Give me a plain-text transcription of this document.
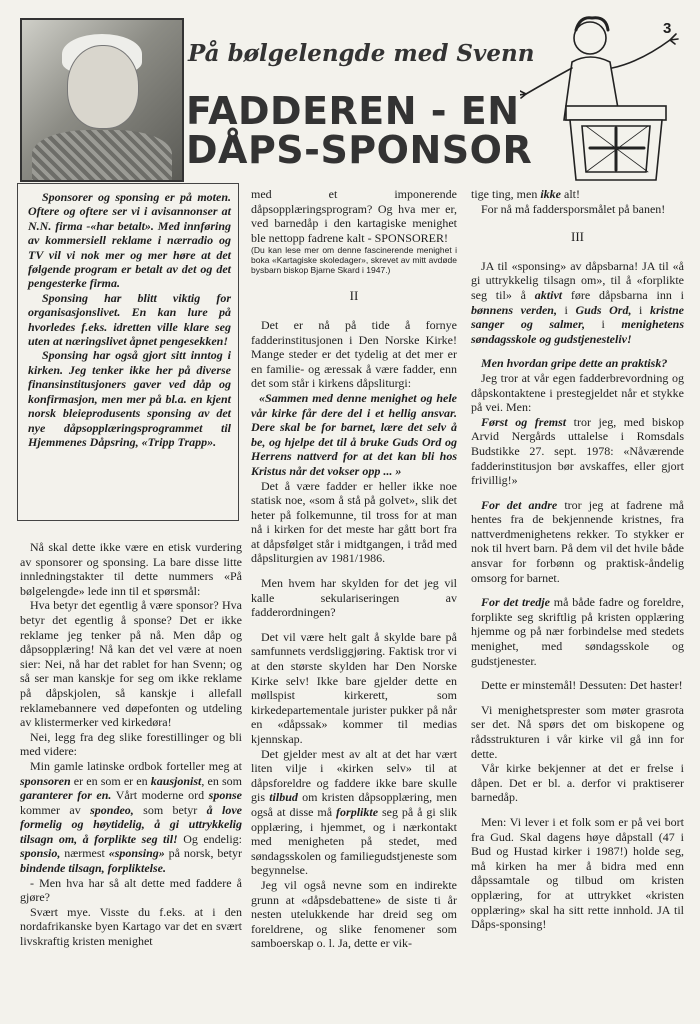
På bølgelengde med Svenn
FADDEREN - EN
DÅPS-SPONSOR
3

Sponsorer og sponsing er på moten. Oftere og oftere ser vi i avisannonser at N.N. firma -«har betalt». Med innføring av kommersiell reklame i nærradio og TV vil vi nok mer og mer høre at det følgende program er betalt av det og det pengesterke firma.

Sponsing har blitt viktig for organisasjonslivet. En kan lure på hvorledes f.eks. idretten ville klare seg uten at næringslivet åpnet pengesekken!

Sponsing har også gjort sitt inntog i kirken. Jeg tenker ikke her på diverse finansinstitusjoners gaver ved dåp og konfirmasjon, men mer på bl.a. en kjent norsk bleieprodusents sponsing av det nye dåpsopplæringsprogrammet til Hjemmenes Dåpsring, «Tripp Trapp».

Nå skal dette ikke være en etisk vurdering av sponsorer og sponsing. La bare disse litte innledningstakter til dette nummers «På bølgelengde» lede inn til et spørsmål:

Hva betyr det egentlig å være sponsor? Hva betyr det egentlig å sponse? Det er ikke reklame jeg tenker på nå. Men dåp og dåpsopplæring! Nå kan det vel være at noen sier: Nei, nå har det rablet for han Svenn; og så ser man kanskje for seg om ikke reklame på dåpskjolen, så kanskje i allefall reklamebannere ved døpefonten og utdeling av klistermerker ved kirkedøra!

Nei, legg fra deg slike forestillinger og bli med videre:

Min gamle latinske ordbok forteller meg at sponsoren er en som er en kausjonist, en som garanterer for en. Vårt moderne ord sponse kommer av spondeo, som betyr å love formelig og høytidelig, å gi uttrykkelig tilsagn om, å forplikte seg til! Og endelig: sponsio, nærmest «sponsing» på norsk, betyr bindende tilsagn, forpliktelse.

- Men hva har så alt dette med faddere å gjøre?

Svært mye. Visste du f.eks. at i den nordafrikanske byen Kartago var det en svært livskraftig kristen menighet

med et imponerende dåpsopplæringsprogram? Og hva mer er, ved barnedåp i den kartagiske menighet ble nettopp fadrene kalt - SPONSORER!

(Du kan lese mer om denne fascinerende menighet i boka «Kartagiske skoledager», skrevet av mitt avdøde bysbarn biskop Bjarne Skard i 1947.)

II

Det er nå på tide å fornye fadderinstitusjonen i Den Norske Kirke! Mange steder er det tydelig at det mer er en familie- og æressak å være fadder, enn det som står i kirkens dåpsliturgi:

«Sammen med denne menighet og hele vår kirke får dere del i et hellig ansvar. Dere skal be for barnet, lære det selv å be, og hjelpe det til å bruke Guds Ord og Herrens nattverd for at det kan bli hos Kristus når det vokser opp ... »

Det å være fadder er heller ikke noe statisk noe, «som å stå på golvet», slik det heter på folkemunne, til tross for at man nå i kirken for det meste har gått bort fra at dåpsfølget står i midtgangen, i tråd med dåpsliturgien av 1981/1986.

Men hvem har skylden for det jeg vil kalle sekulariseringen av fadderordningen?

Det vil være helt galt å skylde bare på samfunnets verdsliggjøring. Faktisk tror vi at den største skylden har Den Norske Kirke selv! Ikke bare gjelder dette en møllspist kirkerett, som kirkedepartementale jurister pukker på når en «dåpssak» kommer til medias kjennskap.

Det gjelder mest av alt at det har vært liten vilje i «kirken selv» til at dåpsforeldre og faddere ikke bare skulle gis tilbud om kristen dåpsopplæring, men også at disse må forplikte seg på å gi slik opplæring, i hjemmet, og i nærkontakt med menigheten på stedet, med søndagsskolen og familiegudstjeneste som begynnelse.

Jeg vil også nevne som en indirekte grunn at «dåpsdebattene» de siste ti år nesten utelukkende har dreid seg om foreldrene, og slike fenomener som samboerskap o. l. Ja, dette er vik-

tige ting, men ikke alt!

For nå må faddersporsmålet på banen!

III

JA til «sponsing» av dåpsbarna! JA til «å gi uttrykkelig tilsagn om», til å «forplikte seg til» å aktivt føre dåpsbarna inn i bønnens verden, i Guds Ord, i kristne sanger og salmer, i menighetens søndagsskole og gudstjenesteliv!

Men hvordan gripe dette an praktisk?

Jeg tror at vår egen fadderbrevordning og dåpskontaktene i prestegjeldet når et stykke på vei. Men:

Først og fremst tror jeg, med biskop Arvid Nergårds uttalelse i Romsdals Budstikke 27. sept. 1978: «Nåværende fadderinstitusjon bør avskaffes, eller gjort frivillig!»

For det andre tror jeg at fadrene må hentes fra de bekjennende kristnes, fra nattverdmenighetens rekker. To stykker er nok til hvert barn. På dem vil det hvile både ansvar for forbønn og praktisk-åndelig omsorg for barnet.

For det tredje må både fadre og foreldre, forplikte seg skriftlig på kristen opplæring hjemme og på nær forbindelse med stedets menighet, med søndagsskole og gudstjenester.

Dette er minstemål! Dessuten: Det haster!

Vi menighetsprester som møter grasrota ser det. Nå spørs det om biskopene og rådsstrukturen i vår kirke vil gå inn for dette.

Vår kirke bekjenner at det er frelse i dåpen. Det er bl. a. derfor vi praktiserer barnedåp.

Men: Vi lever i et folk som er på vei bort fra Gud. Skal dagens høye dåpstall (47 i Bud og Hustad kirker i 1987!) holde seg, må kirken ha mer å bidra med enn dåpssamtale og tilbud om kristen opplæring, for at uttrykket «kristen opplæring» skal ha sitt rette innhold. JA til Dåps-sponsing!
